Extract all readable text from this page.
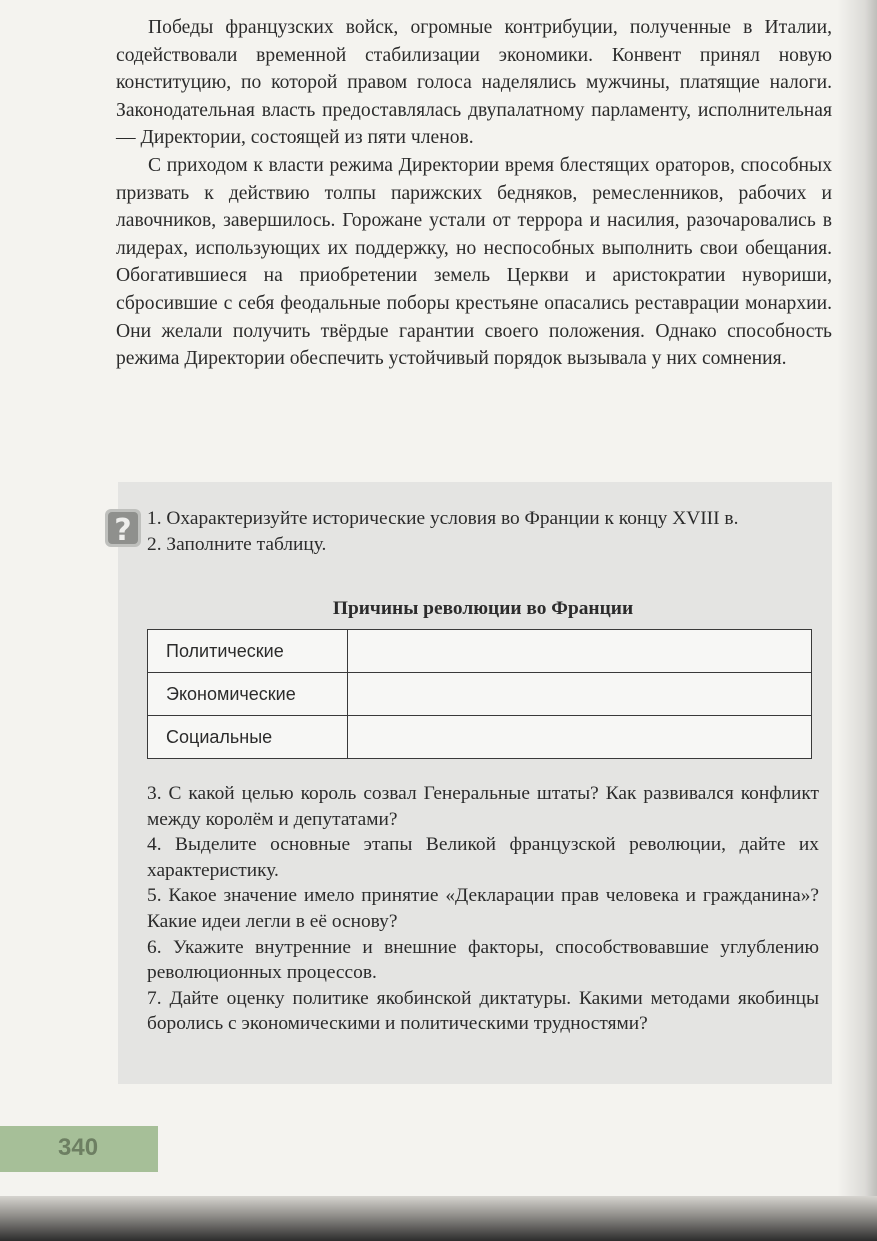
Победы французских войск, огромные контрибуции, полученные в Италии, содействовали временной стабилизации экономики. Конвент принял новую конституцию, по которой правом голоса наделялись мужчины, платящие налоги. Законодательная власть предоставлялась двупалатному парламенту, исполнительная — Директории, состоящей из пяти членов.

С приходом к власти режима Директории время блестящих ораторов, способных призвать к действию толпы парижских бедняков, ремесленников, рабочих и лавочников, завершилось. Горожане устали от террора и насилия, разочаровались в лидерах, использующих их поддержку, но неспособных выполнить свои обещания. Обогатившиеся на приобретении земель Церкви и аристократии нувориши, сбросившие с себя феодальные поборы крестьяне опасались реставрации монархии. Они желали получить твёрдые гарантии своего положения. Однако способность режима Директории обеспечить устойчивый порядок вызывала у них сомнения.

? 1. Охарактеризуйте исторические условия во Франции к концу XVIII в.

2. Заполните таблицу.

Причины революции во Франции
Политические	
Экономические	
Социальные	

3. С какой целью король созвал Генеральные штаты? Как развивался конфликт между королём и депутатами?

4. Выделите основные этапы Великой французской революции, дайте их характеристику.

5. Какое значение имело принятие «Декларации прав человека и гражданина»? Какие идеи легли в её основу?

6. Укажите внутренние и внешние факторы, способствовавшие углублению революционных процессов.

7. Дайте оценку политике якобинской диктатуры. Какими методами якобинцы боролись с экономическими и политическими трудностями?

340
